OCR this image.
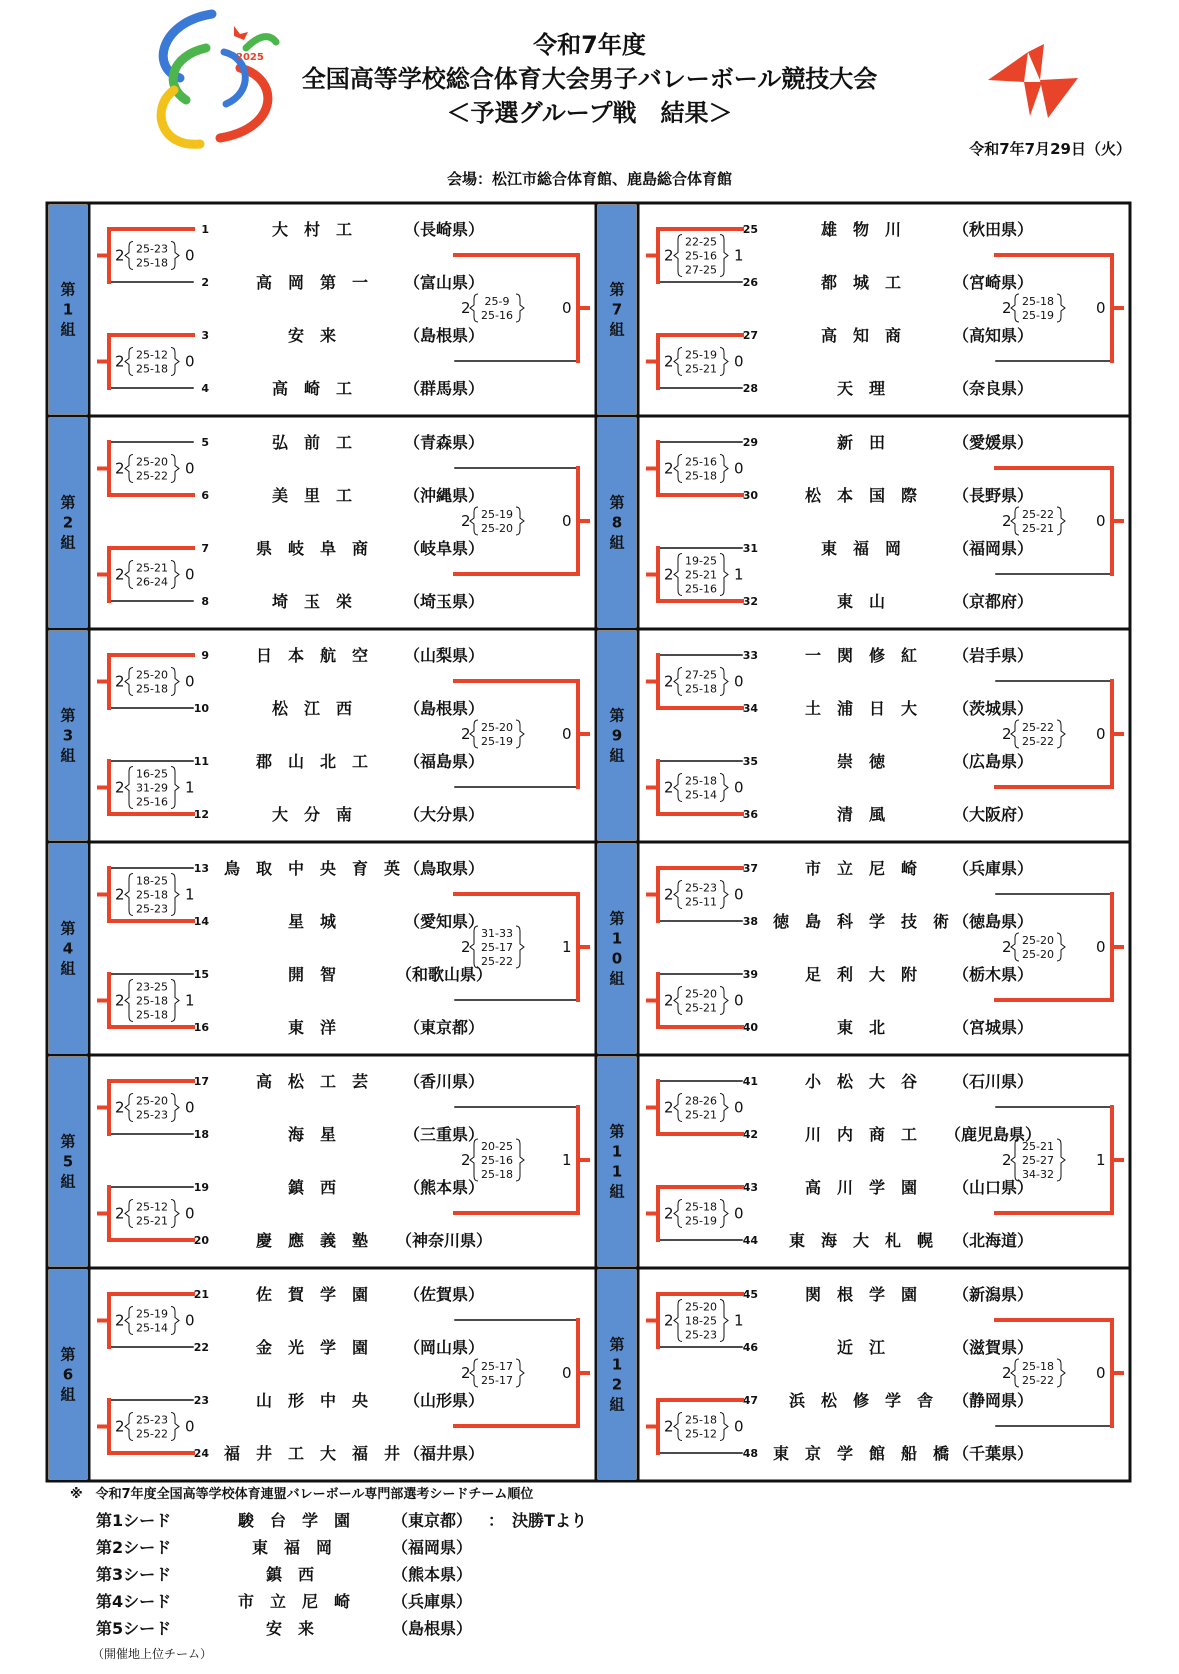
2025	令和7年度
全国高等学校総合体育大会男子バレーボール競技大会
＜予選グループ戦　結果＞
令和7年7月29日（火）
会場：松江市総合体育館、鹿島総合体育館
第
1
組
1	大　村　工	（長崎県）
2	高　岡　第　一 （富山県）
3	安　来	（島根県）
4	高　崎　工	（群馬県）
2	0
25-23
25-18
2	0
25-12
25-18
2	0
25-9
25-16
第
2
組
5	弘　前　工	（青森県）
6	美　里　工	（沖縄県）
7	県　岐　阜　商 （岐阜県）
8	埼　玉　栄	（埼玉県）
2	0
25-20
25-22
2	0
25-21
26-24
2	0
25-19
25-20
第
3
組
9	日　本　航　空 （山梨県）
10	松　江　西	（島根県）
11	郡　山　北　工 （福島県）
12	大　分　南	（大分県）
2	0
25-20
25-18
2	1
16-25
31-29
25-16
2	0
25-20
25-19
第
4
組
13 鳥　取　中　央　育　英 （鳥取県）
14	星　城	（愛知県）
15	開　智	（和歌山県）
16	東　洋	（東京都）
2	1
18-25
25-18
25-23
2	1
23-25
25-18
25-18
2	1
31-33
25-17
25-22
第
5
組
17	高　松　工　芸 （香川県）
18	海　星	（三重県）
19	鎮　西	（熊本県）
20	慶　應　義　塾 （神奈川県）
2	0
25-20
25-23
2	0
25-12
25-21
2	1
20-25
25-16
25-18
第
6
組
21	佐　賀　学　園 （佐賀県）
22	金　光　学　園 （岡山県）
23	山　形　中　央 （山形県）
24 福　井　工　大　福　井 （福井県）
2	0
25-19
25-14
2	0
25-23
25-22
2	0
25-17
25-17
第
7
組
25	雄　物　川	（秋田県）
26	都　城　工	（宮崎県）
27	高　知　商	（高知県）
28	天　理	（奈良県）
2	1
22-25
25-16
27-25
2	0
25-19
25-21
2	0
25-18
25-19
第
8
組
29	新　田	（愛媛県）
30	松　本　国　際 （長野県）
31	東　福　岡	（福岡県）
32	東　山	（京都府）
2	0
25-16
25-18
2	1
19-25
25-21
25-16
2	0
25-22
25-21
第
9
組
33	一　関　修　紅 （岩手県）
34	土　浦　日　大 （茨城県）
35	崇　徳	（広島県）
36	清　風	（大阪府）
2	0
27-25
25-18
2	0
25-18
25-14
2	0
25-22
25-22
第
1
0
組
37	市　立　尼　崎 （兵庫県）
38 徳　島　科　学　技　術 （徳島県）
39	足　利　大　附 （栃木県）
40	東　北	（宮城県）
2	0
25-23
25-11
2	0
25-20
25-21
2	0
25-20
25-20
第
1
1
組
41	小　松　大　谷 （石川県）
42	川　内　商　工 （鹿児島県）
43	高　川　学　園 （山口県）
44 東　海　大　札　幌 （北海道）
2	0
28-26
25-21
2	0
25-18
25-19
2	1
25-21
25-27
34-32
第
1
2
組
45	関　根　学　園 （新潟県）
46	近　江	（滋賀県）
47 浜　松　修　学　舎 （静岡県）
48 東　京　学　館　船　橋 （千葉県）
2	1
25-20
18-25
25-23
2	0
25-18
25-12
2	0
25-18
25-22
※　令和7年度全国高等学校体育連盟バレーボール専門部選考シードチーム順位
第1シード	駿　台　学　園	（東京都） ：　決勝Tより
第2シード	東　福　岡	（福岡県）
第3シード	鎮　西	（熊本県）
第4シード	市　立　尼　崎	（兵庫県）
第5シード	安　来	（島根県）
（開催地上位チーム）
